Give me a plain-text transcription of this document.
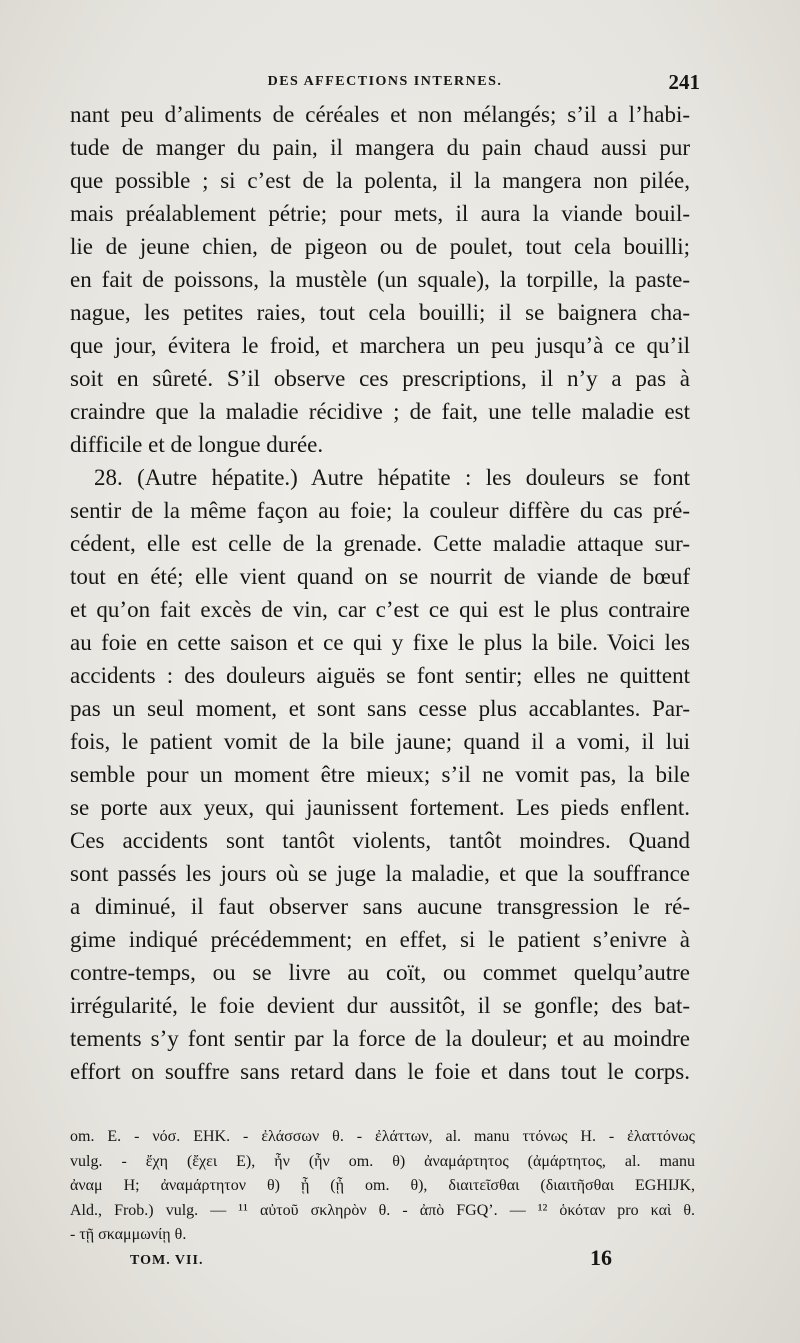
DES AFFECTIONS INTERNES.	241
nant peu d’aliments de céréales et non mélangés; s’il a l’habi-
tude de manger du pain, il mangera du pain chaud aussi pur
que possible ; si c’est de la polenta, il la mangera non pilée,
mais préalablement pétrie; pour mets, il aura la viande bouil-
lie de jeune chien, de pigeon ou de poulet, tout cela bouilli;
en fait de poissons, la mustèle (un squale), la torpille, la paste-
nague, les petites raies, tout cela bouilli; il se baignera cha-
que jour, évitera le froid, et marchera un peu jusqu’à ce qu’il
soit en sûreté. S’il observe ces prescriptions, il n’y a pas à
craindre que la maladie récidive ; de fait, une telle maladie est
difficile et de longue durée.
28. (Autre hépatite.) Autre hépatite : les douleurs se font
sentir de la même façon au foie; la couleur diffère du cas pré-
cédent, elle est celle de la grenade. Cette maladie attaque sur-
tout en été; elle vient quand on se nourrit de viande de bœuf
et qu’on fait excès de vin, car c’est ce qui est le plus contraire
au foie en cette saison et ce qui y fixe le plus la bile. Voici les
accidents : des douleurs aiguës se font sentir; elles ne quittent
pas un seul moment, et sont sans cesse plus accablantes. Par-
fois, le patient vomit de la bile jaune; quand il a vomi, il lui
semble pour un moment être mieux; s’il ne vomit pas, la bile
se porte aux yeux, qui jaunissent fortement. Les pieds enflent.
Ces accidents sont tantôt violents, tantôt moindres. Quand
sont passés les jours où se juge la maladie, et que la souffrance
a diminué, il faut observer sans aucune transgression le ré-
gime indiqué précédemment; en effet, si le patient s’enivre à
contre-temps, ou se livre au coït, ou commet quelqu’autre
irrégularité, le foie devient dur aussitôt, il se gonfle; des bat-
tements s’y font sentir par la force de la douleur; et au moindre
effort on souffre sans retard dans le foie et dans tout le corps.
om. E. - νόσ. EHK. - ἐλάσσων θ. - ἐλάττων, al. manu ττόνως H. - ἐλαττόνως
vulg. - ἔχη (ἔχει E), ἦν (ἦν om. θ) ἀναμάρτητος (ἀμάρτητος, al. manu
ἀναμ H; ἀναμάρτητον θ) ᾖ (ᾖ om. θ), διαιτεῖσθαι (διαιτῆσθαι EGHIJK,
Ald., Frob.) vulg. — ¹¹ αὐτοῦ σκληρὸν θ. - ἀπὸ FGQ’. — ¹² ὁκόταν pro καὶ θ.
- τῇ σκαμμωνίῃ θ.
TOM. VII.	16
